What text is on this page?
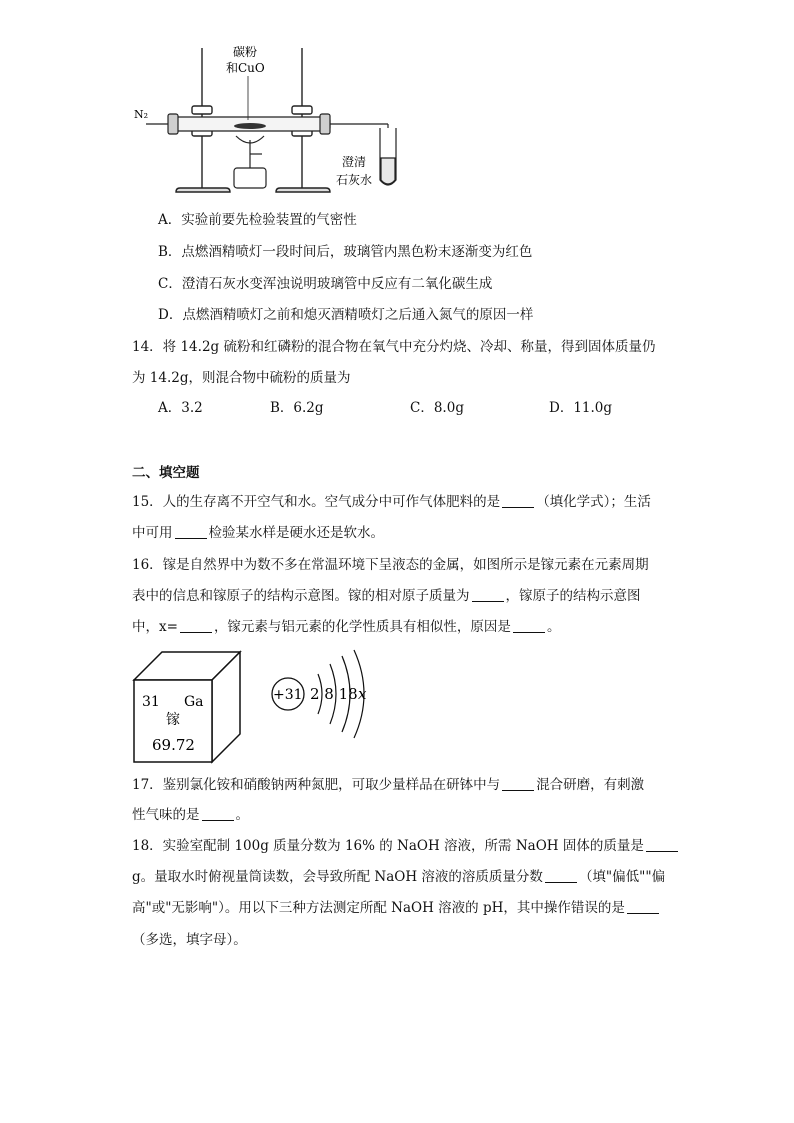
碳粉
和CuO
N₂
澄清
石灰水
A．实验前要先检验装置的气密性
B．点燃酒精喷灯一段时间后，玻璃管内黑色粉末逐渐变为红色
C．澄清石灰水变浑浊说明玻璃管中反应有二氧化碳生成
D．点燃酒精喷灯之前和熄灭酒精喷灯之后通入氮气的原因一样
14．将 14.2g 硫粉和红磷粉的混合物在氧气中充分灼烧、冷却、称量，得到固体质量仍
为 14.2g，则混合物中硫粉的质量为
A．3.2	B．6.2g	C．8.0g	D．11.0g
二、填空题
15．人的生存离不开空气和水。空气成分中可作气体肥料的是	（填化学式）；生活
中可用	检验某水样是硬水还是软水。
16．镓是自然界中为数不多在常温环境下呈液态的金属，如图所示是镓元素在元素周期
表中的信息和镓原子的结构示意图。镓的相对原子质量为	，镓原子的结构示意图
中，x=	，镓元素与铝元素的化学性质具有相似性，原因是	。
31 Ga
镓
69.72
+31 2 8 18 x
17．鉴别氯化铵和硝酸钠两种氮肥，可取少量样品在研钵中与	混合研磨，有刺激
性气味的是	。
18．实验室配制 100g 质量分数为 16% 的 NaOH 溶液，所需 NaOH 固体的质量是
g。量取水时俯视量筒读数，会导致所配 NaOH 溶液的溶质质量分数	（填"偏低""偏
高"或"无影响"）。用以下三种方法测定所配 NaOH 溶液的 pH，其中操作错误的是
（多选，填字母）。
